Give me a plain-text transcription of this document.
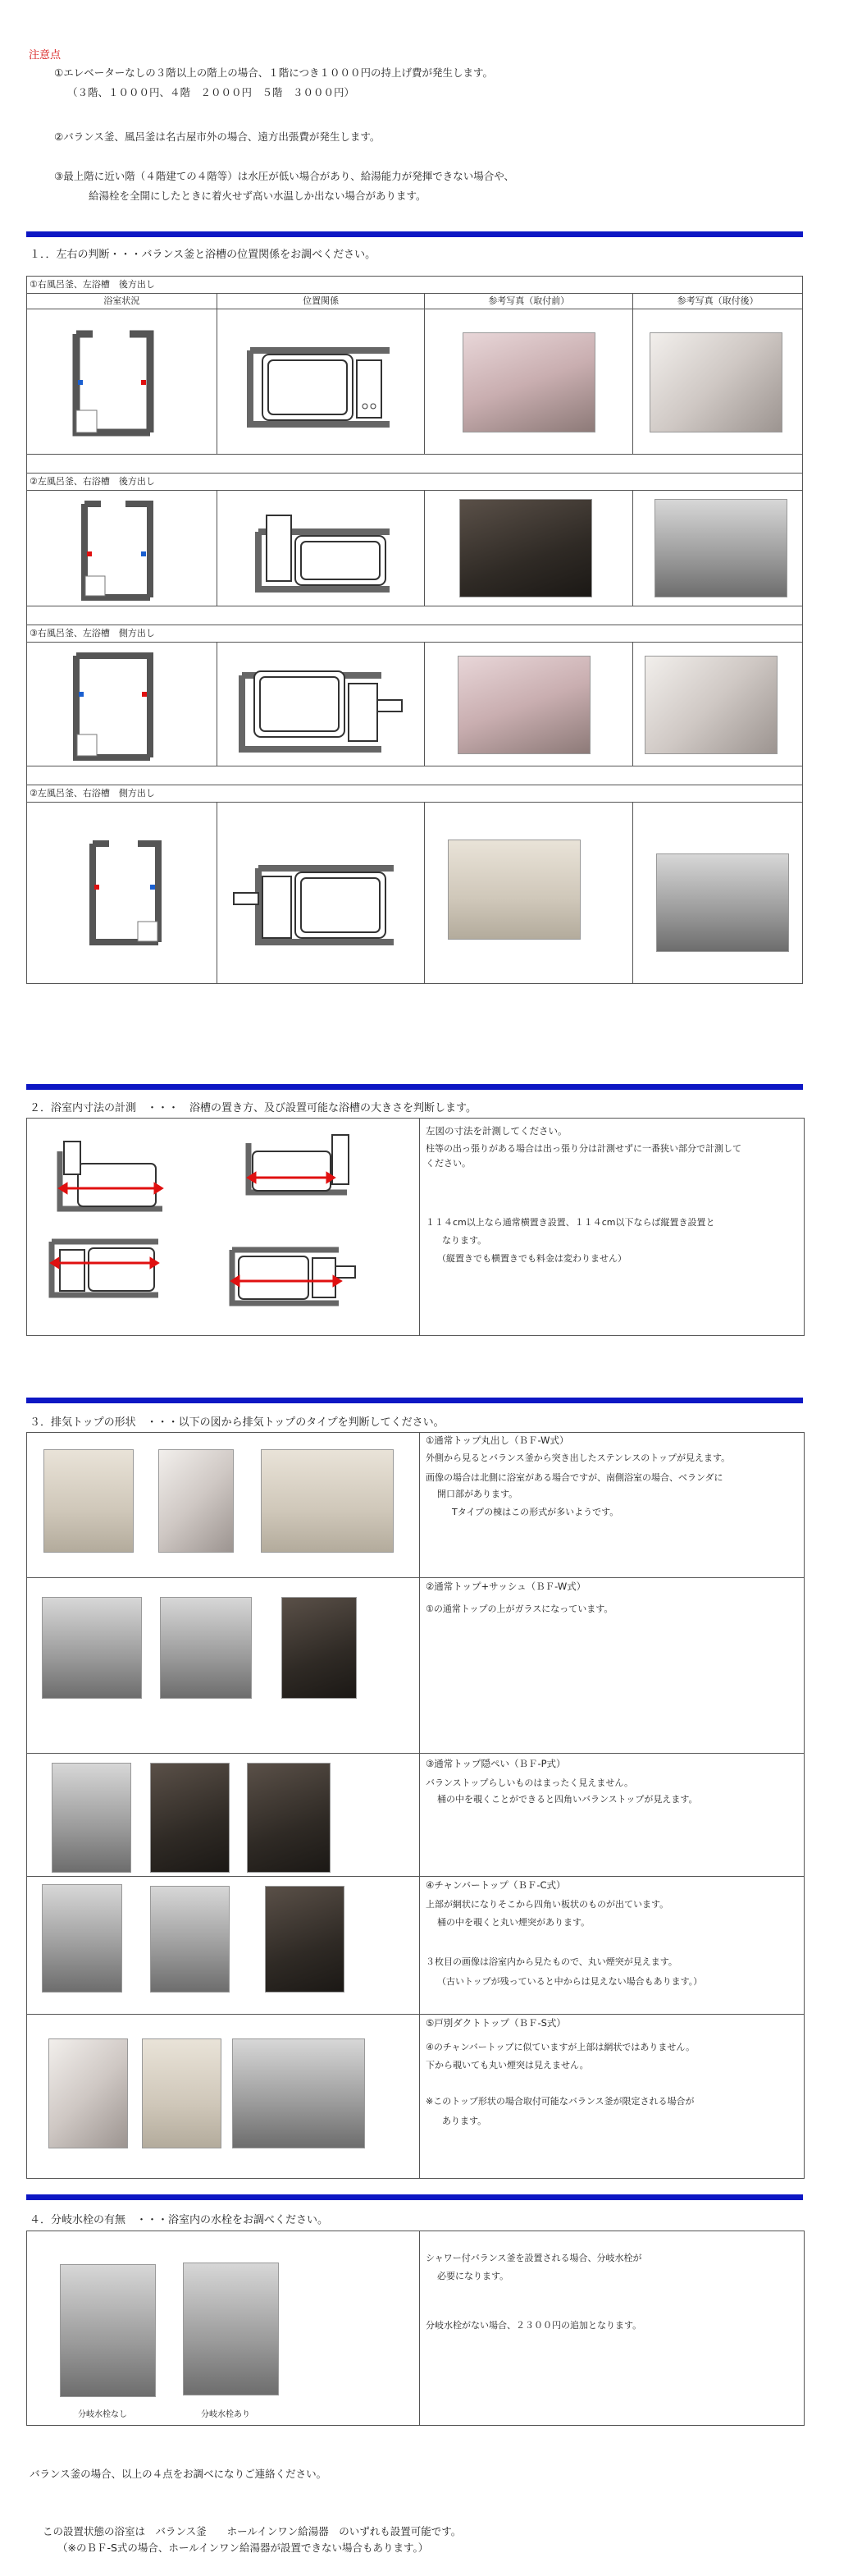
注意点
①エレベーターなしの３階以上の階上の場合、１階につき１０００円の持上げ費が発生します。
（３階、１０００円、４階　２０００円　５階　３０００円）
②バランス釜、風呂釜は名古屋市外の場合、遠方出張費が発生します。
③最上階に近い階（４階建ての４階等）は水圧が低い場合があり、給湯能力が発揮できない場合や、
給湯栓を全開にしたときに着火せず高い水温しか出ない場合があります。
１．．左右の判断・・・バランス釜と浴槽の位置関係をお調べください。
①右風呂釜、左浴槽　後方出し			
浴室状況	位置関係	参考写真（取付前）	参考写真（取付後）

②左風呂釜、右浴槽　後方出し			

③右風呂釜、左浴槽　側方出し			

②左風呂釜、右浴槽　側方出し			

２．浴室内寸法の計測　・・・　浴槽の置き方、及び設置可能な浴槽の大きさを判断します。
左図の寸法を計測してください。
柱等の出っ張りがある場合は出っ張り分は計測せずに一番狭い部分で計測して
ください。
１１４cm以上なら通常横置き設置、１１４cm以下ならば縦置き設置と
なります。
（縦置きでも横置きでも料金は変わりません）
３．排気トップの形状　・・・以下の図から排気トップのタイプを判断してください。
①通常トップ丸出し（ＢＦ-W式）
外側から見るとバランス釜から突き出したステンレスのトップが見えます。
画像の場合は北側に浴室がある場合ですが、南側浴室の場合、ベランダに
開口部があります。
Tタイプの棟はこの形式が多いようです。
②通常トップ+サッシュ（ＢＦ-W式）
①の通常トップの上がガラスになっています。
③通常トップ隠ぺい（ＢＦ-P式）
バランストップらしいものはまったく見えません。
桶の中を覗くことができると四角いバランストップが見えます。
④チャンバートップ（ＢＦ-C式）
上部が網状になりそこから四角い板状のものが出ています。
桶の中を覗くと丸い煙突があります。
３枚目の画像は浴室内から見たもので、丸い煙突が見えます。
（古いトップが残っていると中からは見えない場合もあります。）
⑤戸別ダクトトップ（ＢＦ-S式）
④のチャンバートップに似ていますが上部は網状ではありません。
下から覗いても丸い煙突は見えません。
※このトップ形状の場合取付可能なバランス釜が限定される場合が
あります。
４．分岐水栓の有無　・・・浴室内の水栓をお調べください。
分岐水栓なし	分岐水栓あり
シャワー付バランス釜を設置される場合、分岐水栓が
必要になります。
分岐水栓がない場合、２３００円の追加となります。
バランス釜の場合、以上の４点をお調べになりご連絡ください。
この設置状態の浴室は　バランス釜　　ホールインワン給湯器　のいずれも設置可能です。
（※のＢＦ-S式の場合、ホールインワン給湯器が設置できない場合もあります。）
